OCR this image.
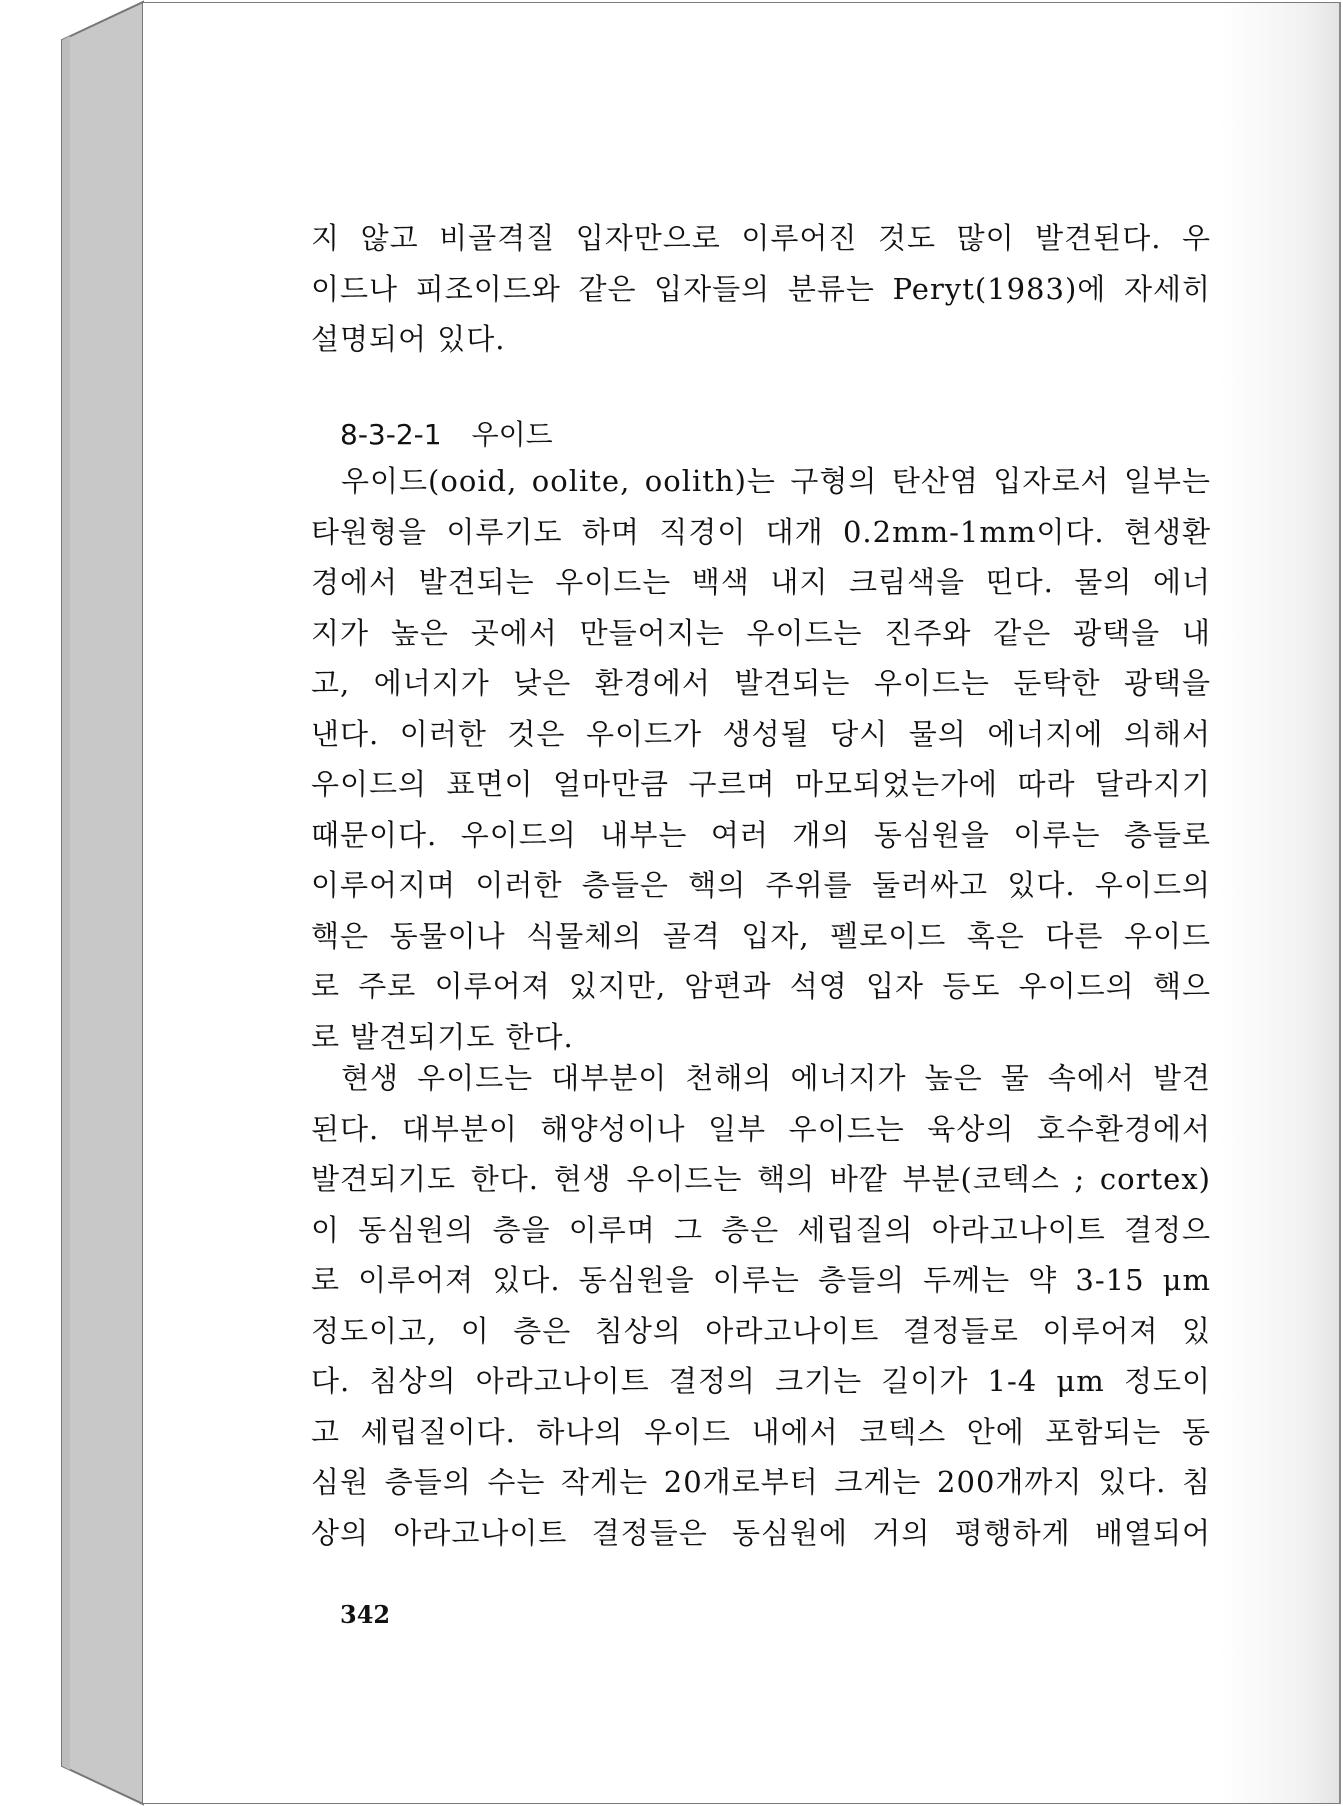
지 않고 비골격질 입자만으로 이루어진 것도 많이 발견된다. 우
이드나 피조이드와 같은 입자들의 분류는 Peryt(1983)에 자세히
설명되어 있다.
8-3-2-1 우이드
우이드(ooid, oolite, oolith)는 구형의 탄산염 입자로서 일부는
타원형을 이루기도 하며 직경이 대개 0.2mm-1mm이다. 현생환
경에서 발견되는 우이드는 백색 내지 크림색을 띤다. 물의 에너
지가 높은 곳에서 만들어지는 우이드는 진주와 같은 광택을 내
고, 에너지가 낮은 환경에서 발견되는 우이드는 둔탁한 광택을
낸다. 이러한 것은 우이드가 생성될 당시 물의 에너지에 의해서
우이드의 표면이 얼마만큼 구르며 마모되었는가에 따라 달라지기
때문이다. 우이드의 내부는 여러 개의 동심원을 이루는 층들로
이루어지며 이러한 층들은 핵의 주위를 둘러싸고 있다. 우이드의
핵은 동물이나 식물체의 골격 입자, 펠로이드 혹은 다른 우이드
로 주로 이루어져 있지만, 암편과 석영 입자 등도 우이드의 핵으
로 발견되기도 한다.
현생 우이드는 대부분이 천해의 에너지가 높은 물 속에서 발견
된다. 대부분이 해양성이나 일부 우이드는 육상의 호수환경에서
발견되기도 한다. 현생 우이드는 핵의 바깥 부분(코텍스 ; cortex)
이 동심원의 층을 이루며 그 층은 세립질의 아라고나이트 결정으
로 이루어져 있다. 동심원을 이루는 층들의 두께는 약 3-15 μm
정도이고, 이 층은 침상의 아라고나이트 결정들로 이루어져 있
다. 침상의 아라고나이트 결정의 크기는 길이가 1-4 μm 정도이
고 세립질이다. 하나의 우이드 내에서 코텍스 안에 포함되는 동
심원 층들의 수는 작게는 20개로부터 크게는 200개까지 있다. 침
상의 아라고나이트 결정들은 동심원에 거의 평행하게 배열되어
342
